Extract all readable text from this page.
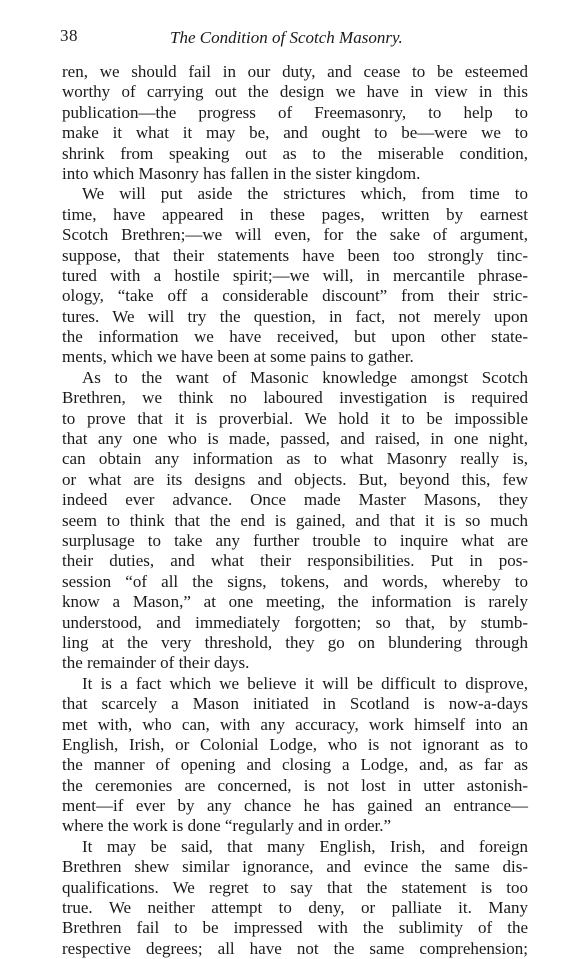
38	The Condition of Scotch Masonry.
ren, we should fail in our duty, and cease to be esteemed
worthy of carrying out the design we have in view in this
publication—the progress of Freemasonry, to help to
make it what it may be, and ought to be—were we to
shrink from speaking out as to the miserable condition,
into which Masonry has fallen in the sister kingdom.
We will put aside the strictures which, from time to
time, have appeared in these pages, written by earnest
Scotch Brethren;—we will even, for the sake of argument,
suppose, that their statements have been too strongly tinc-
tured with a hostile spirit;—we will, in mercantile phrase-
ology, “take off a considerable discount” from their stric-
tures. We will try the question, in fact, not merely upon
the information we have received, but upon other state-
ments, which we have been at some pains to gather.
As to the want of Masonic knowledge amongst Scotch
Brethren, we think no laboured investigation is required
to prove that it is proverbial. We hold it to be impossible
that any one who is made, passed, and raised, in one night,
can obtain any information as to what Masonry really is,
or what are its designs and objects. But, beyond this, few
indeed ever advance. Once made Master Masons, they
seem to think that the end is gained, and that it is so much
surplusage to take any further trouble to inquire what are
their duties, and what their responsibilities. Put in pos-
session “of all the signs, tokens, and words, whereby to
know a Mason,” at one meeting, the information is rarely
understood, and immediately forgotten; so that, by stumb-
ling at the very threshold, they go on blundering through
the remainder of their days.
It is a fact which we believe it will be difficult to disprove,
that scarcely a Mason initiated in Scotland is now-a-days
met with, who can, with any accuracy, work himself into an
English, Irish, or Colonial Lodge, who is not ignorant as to
the manner of opening and closing a Lodge, and, as far as
the ceremonies are concerned, is not lost in utter astonish-
ment—if ever by any chance he has gained an entrance—
where the work is done “regularly and in order.”
It may be said, that many English, Irish, and foreign
Brethren shew similar ignorance, and evince the same dis-
qualifications. We regret to say that the statement is too
true. We neither attempt to deny, or palliate it. Many
Brethren fail to be impressed with the sublimity of the
respective degrees; all have not the same comprehension;
